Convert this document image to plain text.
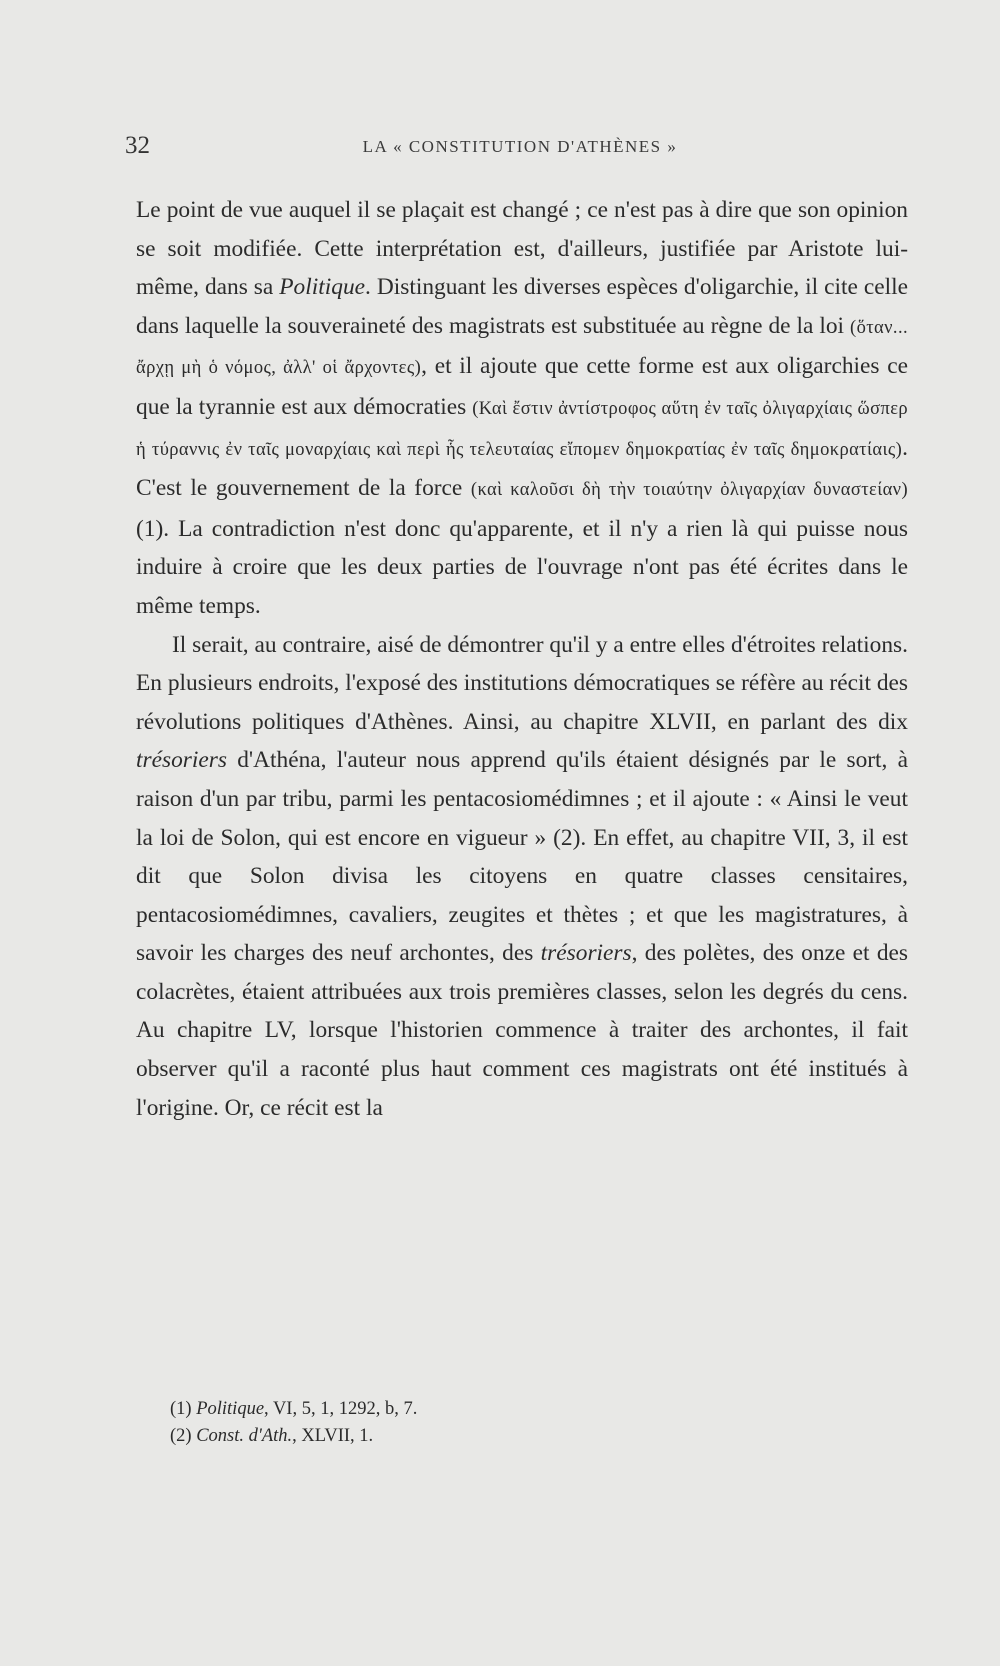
32	LA « CONSTITUTION D'ATHÈNES »

Le point de vue auquel il se plaçait est changé ; ce n'est pas à dire que son opinion se soit modifiée. Cette interprétation est, d'ailleurs, justifiée par Aristote lui-même, dans sa Politique. Distinguant les diverses espèces d'oligarchie, il cite celle dans laquelle la souveraineté des magistrats est substituée au règne de la loi (ὅταν... ἄρχῃ μὴ ὁ νόμος, ἀλλ' οἱ ἄρχοντες), et il ajoute que cette forme est aux oligarchies ce que la tyrannie est aux démocraties (Καὶ ἔστιν ἀντίστροφος αὕτη ἐν ταῖς ὀλιγαρχίαις ὥσπερ ἡ τύραννις ἐν ταῖς μοναρχίαις καὶ περὶ ἧς τελευταίας εἴπομεν δημοκρατίας ἐν ταῖς δημοκρατίαις). C'est le gouvernement de la force (καὶ καλοῦσι δὴ τὴν τοιαύτην ὀλιγαρχίαν δυναστείαν) (1). La contradiction n'est donc qu'apparente, et il n'y a rien là qui puisse nous induire à croire que les deux parties de l'ouvrage n'ont pas été écrites dans le même temps.

Il serait, au contraire, aisé de démontrer qu'il y a entre elles d'étroites relations. En plusieurs endroits, l'exposé des institutions démocratiques se réfère au récit des révolutions politiques d'Athènes. Ainsi, au chapitre XLVII, en parlant des dix trésoriers d'Athéna, l'auteur nous apprend qu'ils étaient désignés par le sort, à raison d'un par tribu, parmi les pentacosiomédimnes ; et il ajoute : « Ainsi le veut la loi de Solon, qui est encore en vigueur » (2). En effet, au chapitre VII, 3, il est dit que Solon divisa les citoyens en quatre classes censitaires, pentacosiomédimnes, cavaliers, zeugites et thètes ; et que les magistratures, à savoir les charges des neuf archontes, des trésoriers, des polètes, des onze et des colacrètes, étaient attribuées aux trois premières classes, selon les degrés du cens. Au chapitre LV, lorsque l'historien commence à traiter des archontes, il fait observer qu'il a raconté plus haut comment ces magistrats ont été institués à l'origine. Or, ce récit est la

(1) Politique, VI, 5, 1, 1292, b, 7.

(2) Const. d'Ath., XLVII, 1.
